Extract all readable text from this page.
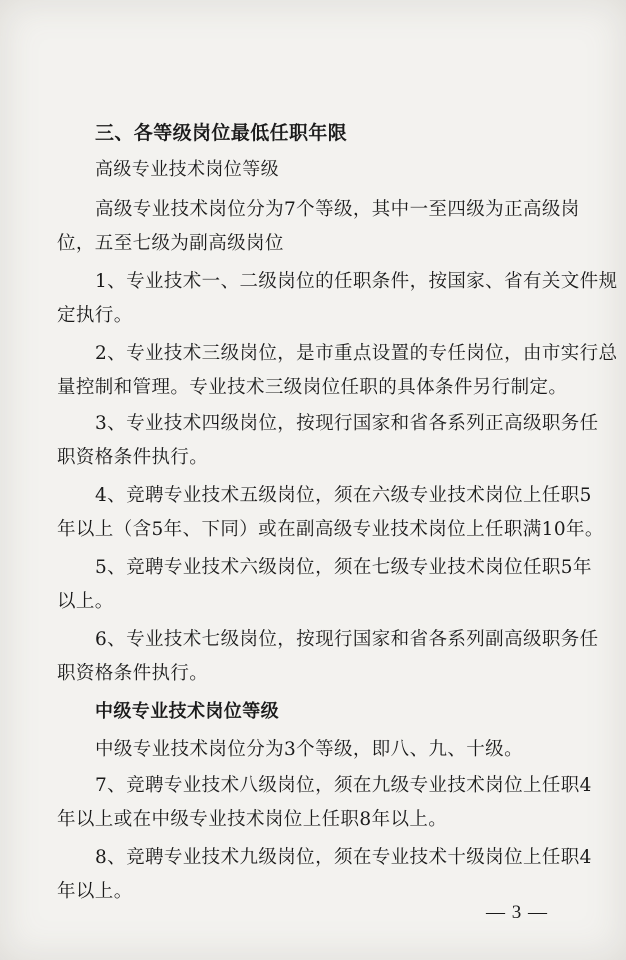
三、各等级岗位最低任职年限
高级专业技术岗位等级
高级专业技术岗位分为7个等级，其中一至四级为正高级岗
位，五至七级为副高级岗位
1、专业技术一、二级岗位的任职条件，按国家、省有关文件规
定执行。
2、专业技术三级岗位，是市重点设置的专任岗位，由市实行总
量控制和管理。专业技术三级岗位任职的具体条件另行制定。
3、专业技术四级岗位，按现行国家和省各系列正高级职务任
职资格条件执行。
4、竞聘专业技术五级岗位，须在六级专业技术岗位上任职5
年以上（含5年、下同）或在副高级专业技术岗位上任职满10年。
5、竞聘专业技术六级岗位，须在七级专业技术岗位任职5年
以上。
6、专业技术七级岗位，按现行国家和省各系列副高级职务任
职资格条件执行。
中级专业技术岗位等级
中级专业技术岗位分为3个等级，即八、九、十级。
7、竞聘专业技术八级岗位，须在九级专业技术岗位上任职4
年以上或在中级专业技术岗位上任职8年以上。
8、竞聘专业技术九级岗位，须在专业技术十级岗位上任职4
年以上。
— 3 —
